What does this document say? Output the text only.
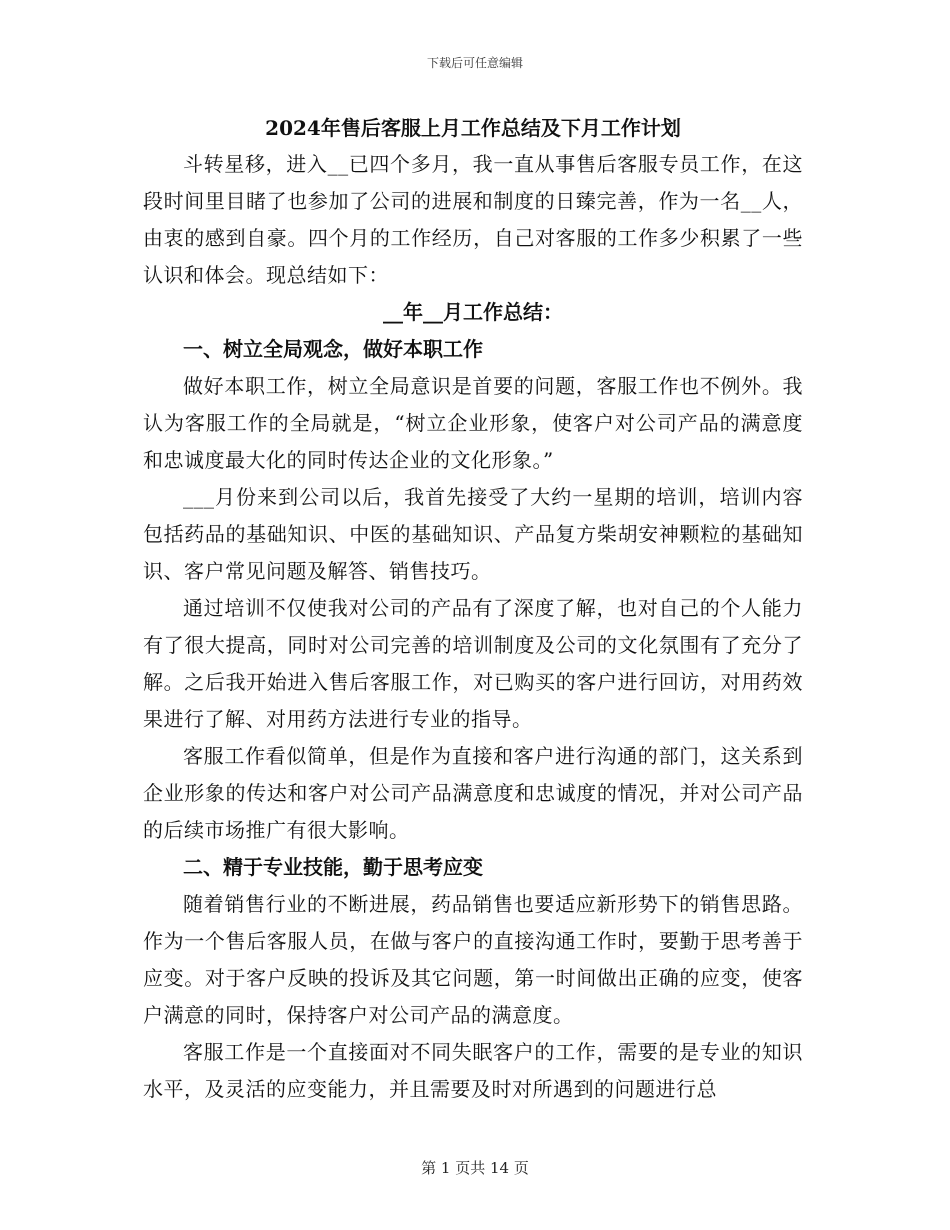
下载后可任意编辑
2024年售后客服上月工作总结及下月工作计划

斗转星移，进入__已四个多月，我一直从事售后客服专员工作，在这段时间里目睹了也参加了公司的进展和制度的日臻完善，作为一名__人，由衷的感到自豪。四个月的工作经历，自己对客服的工作多少积累了一些认识和体会。现总结如下：

__年__月工作总结：
一、树立全局观念，做好本职工作

做好本职工作，树立全局意识是首要的问题，客服工作也不例外。我认为客服工作的全局就是，“树立企业形象，使客户对公司产品的满意度和忠诚度最大化的同时传达企业的文化形象。”

___月份来到公司以后，我首先接受了大约一星期的培训，培训内容包括药品的基础知识、中医的基础知识、产品复方柴胡安神颗粒的基础知识、客户常见问题及解答、销售技巧。

通过培训不仅使我对公司的产品有了深度了解，也对自己的个人能力有了很大提高，同时对公司完善的培训制度及公司的文化氛围有了充分了解。之后我开始进入售后客服工作，对已购买的客户进行回访，对用药效果进行了解、对用药方法进行专业的指导。

客服工作看似简单，但是作为直接和客户进行沟通的部门，这关系到企业形象的传达和客户对公司产品满意度和忠诚度的情况，并对公司产品的后续市场推广有很大影响。

二、精于专业技能，勤于思考应变

随着销售行业的不断进展，药品销售也要适应新形势下的销售思路。作为一个售后客服人员，在做与客户的直接沟通工作时，要勤于思考善于应变。对于客户反映的投诉及其它问题，第一时间做出正确的应变，使客户满意的同时，保持客户对公司产品的满意度。

客服工作是一个直接面对不同失眠客户的工作，需要的是专业的知识水平，及灵活的应变能力，并且需要及时对所遇到的问题进行总

第 1 页共 14 页
